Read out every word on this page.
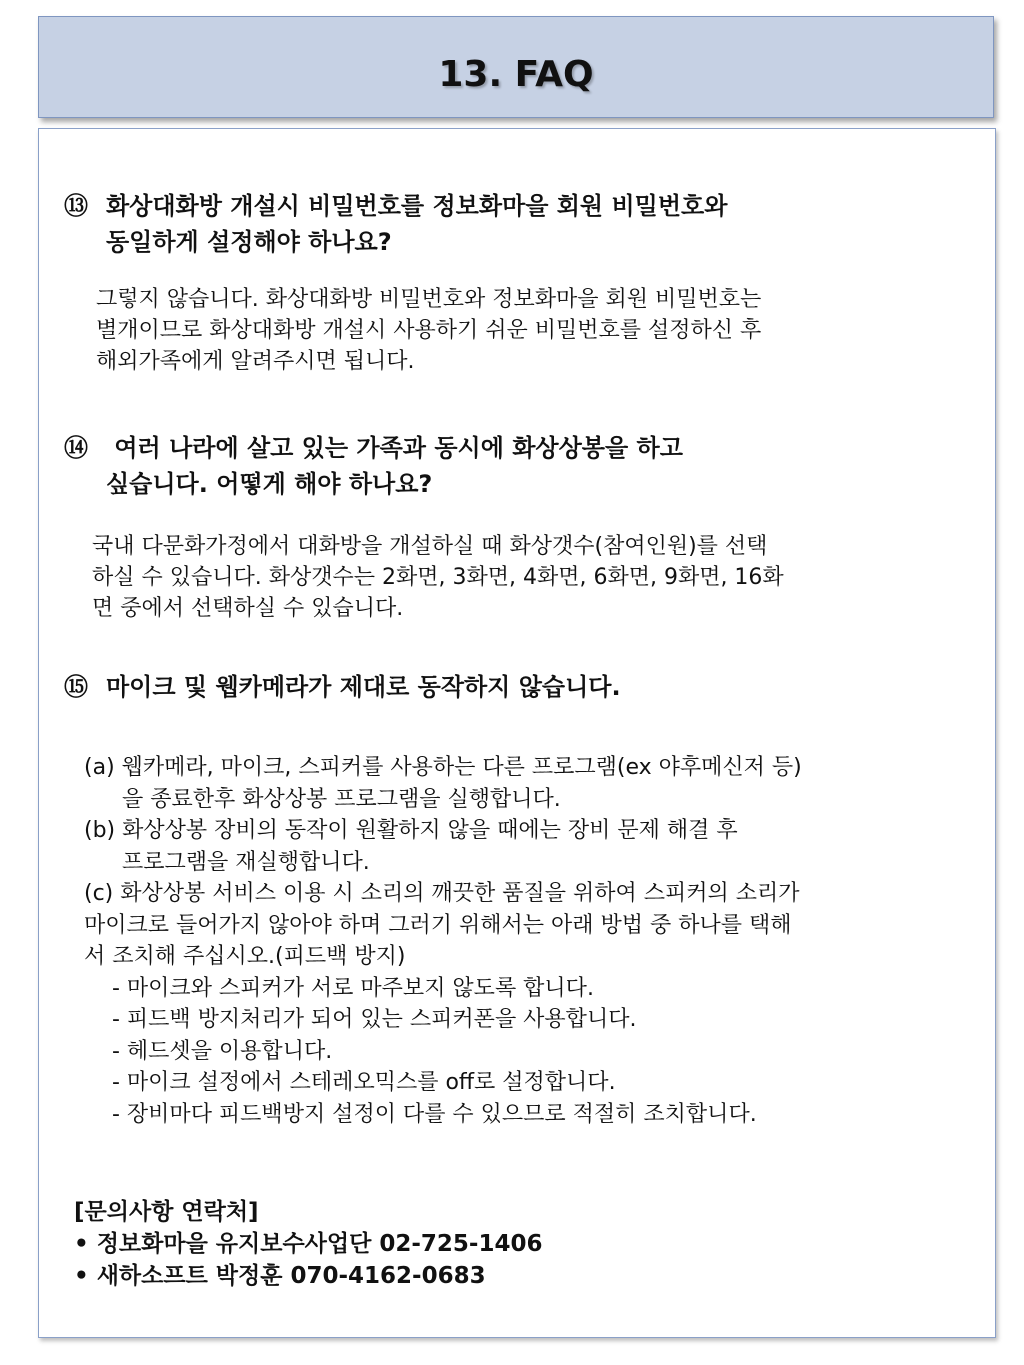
13. FAQ
⑬ 화상대화방 개설시 비밀번호를 정보화마을 회원 비밀번호와
동일하게 설정해야 하나요?
그렇지 않습니다. 화상대화방 비밀번호와 정보화마을 회원 비밀번호는
별개이므로 화상대화방 개설시 사용하기 쉬운 비밀번호를 설정하신 후
해외가족에게 알려주시면 됩니다.
⑭ 여러 나라에 살고 있는 가족과 동시에 화상상봉을 하고
싶습니다. 어떻게 해야 하나요?
국내 다문화가정에서 대화방을 개설하실 때 화상갯수(참여인원)를 선택
하실 수 있습니다. 화상갯수는 2화면, 3화면, 4화면, 6화면, 9화면, 16화
면 중에서 선택하실 수 있습니다.
⑮ 마이크 및 웹카메라가 제대로 동작하지 않습니다.
(a) 웹카메라, 마이크, 스피커를 사용하는 다른 프로그램(ex 야후메신저 등)
을 종료한후 화상상봉 프로그램을 실행합니다.
(b) 화상상봉 장비의 동작이 원활하지 않을 때에는 장비 문제 해결 후
프로그램을 재실행합니다.
(c) 화상상봉 서비스 이용 시 소리의 깨끗한 품질을 위하여 스피커의 소리가
마이크로 들어가지 않아야 하며 그러기 위해서는 아래 방법 중 하나를 택해
서 조치해 주십시오.(피드백 방지)
- 마이크와 스피커가 서로 마주보지 않도록 합니다.
- 피드백 방지처리가 되어 있는 스피커폰을 사용합니다.
- 헤드셋을 이용합니다.
- 마이크 설정에서 스테레오믹스를 off로 설정합니다.
- 장비마다 피드백방지 설정이 다를 수 있으므로 적절히 조치합니다.
[문의사항 연락처]
• 정보화마을 유지보수사업단 02-725-1406
• 새하소프트 박정훈 070-4162-0683
